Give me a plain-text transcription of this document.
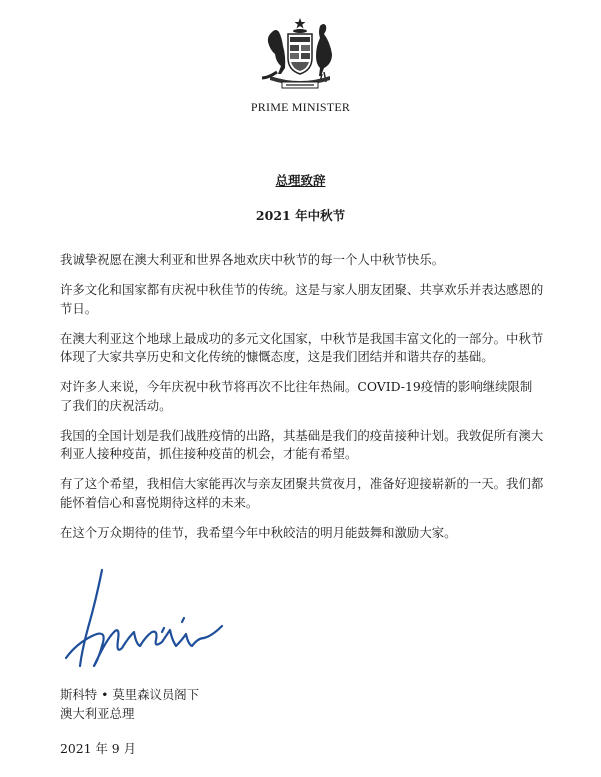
PRIME MINISTER
总理致辞
2021 年中秋节

我诚挚祝愿在澳大利亚和世界各地欢庆中秋节的每一个人中秋节快乐。

许多文化和国家都有庆祝中秋佳节的传统。这是与家人朋友团聚、共享欢乐并表达感恩的节日。

在澳大利亚这个地球上最成功的多元文化国家，中秋节是我国丰富文化的一部分。中秋节体现了大家共享历史和文化传统的慷慨态度，这是我们团结并和谐共存的基础。

对许多人来说，今年庆祝中秋节将再次不比往年热闹。COVID-19疫情的影响继续限制了我们的庆祝活动。

我国的全国计划是我们战胜疫情的出路，其基础是我们的疫苗接种计划。我敦促所有澳大利亚人接种疫苗，抓住接种疫苗的机会，才能有希望。

有了这个希望，我相信大家能再次与亲友团聚共赏夜月，准备好迎接崭新的一天。我们都能怀着信心和喜悦期待这样的未来。

在这个万众期待的佳节，我希望今年中秋皎洁的明月能鼓舞和激励大家。

斯科特 • 莫里森议员阁下
澳大利亚总理
2021 年 9 月
